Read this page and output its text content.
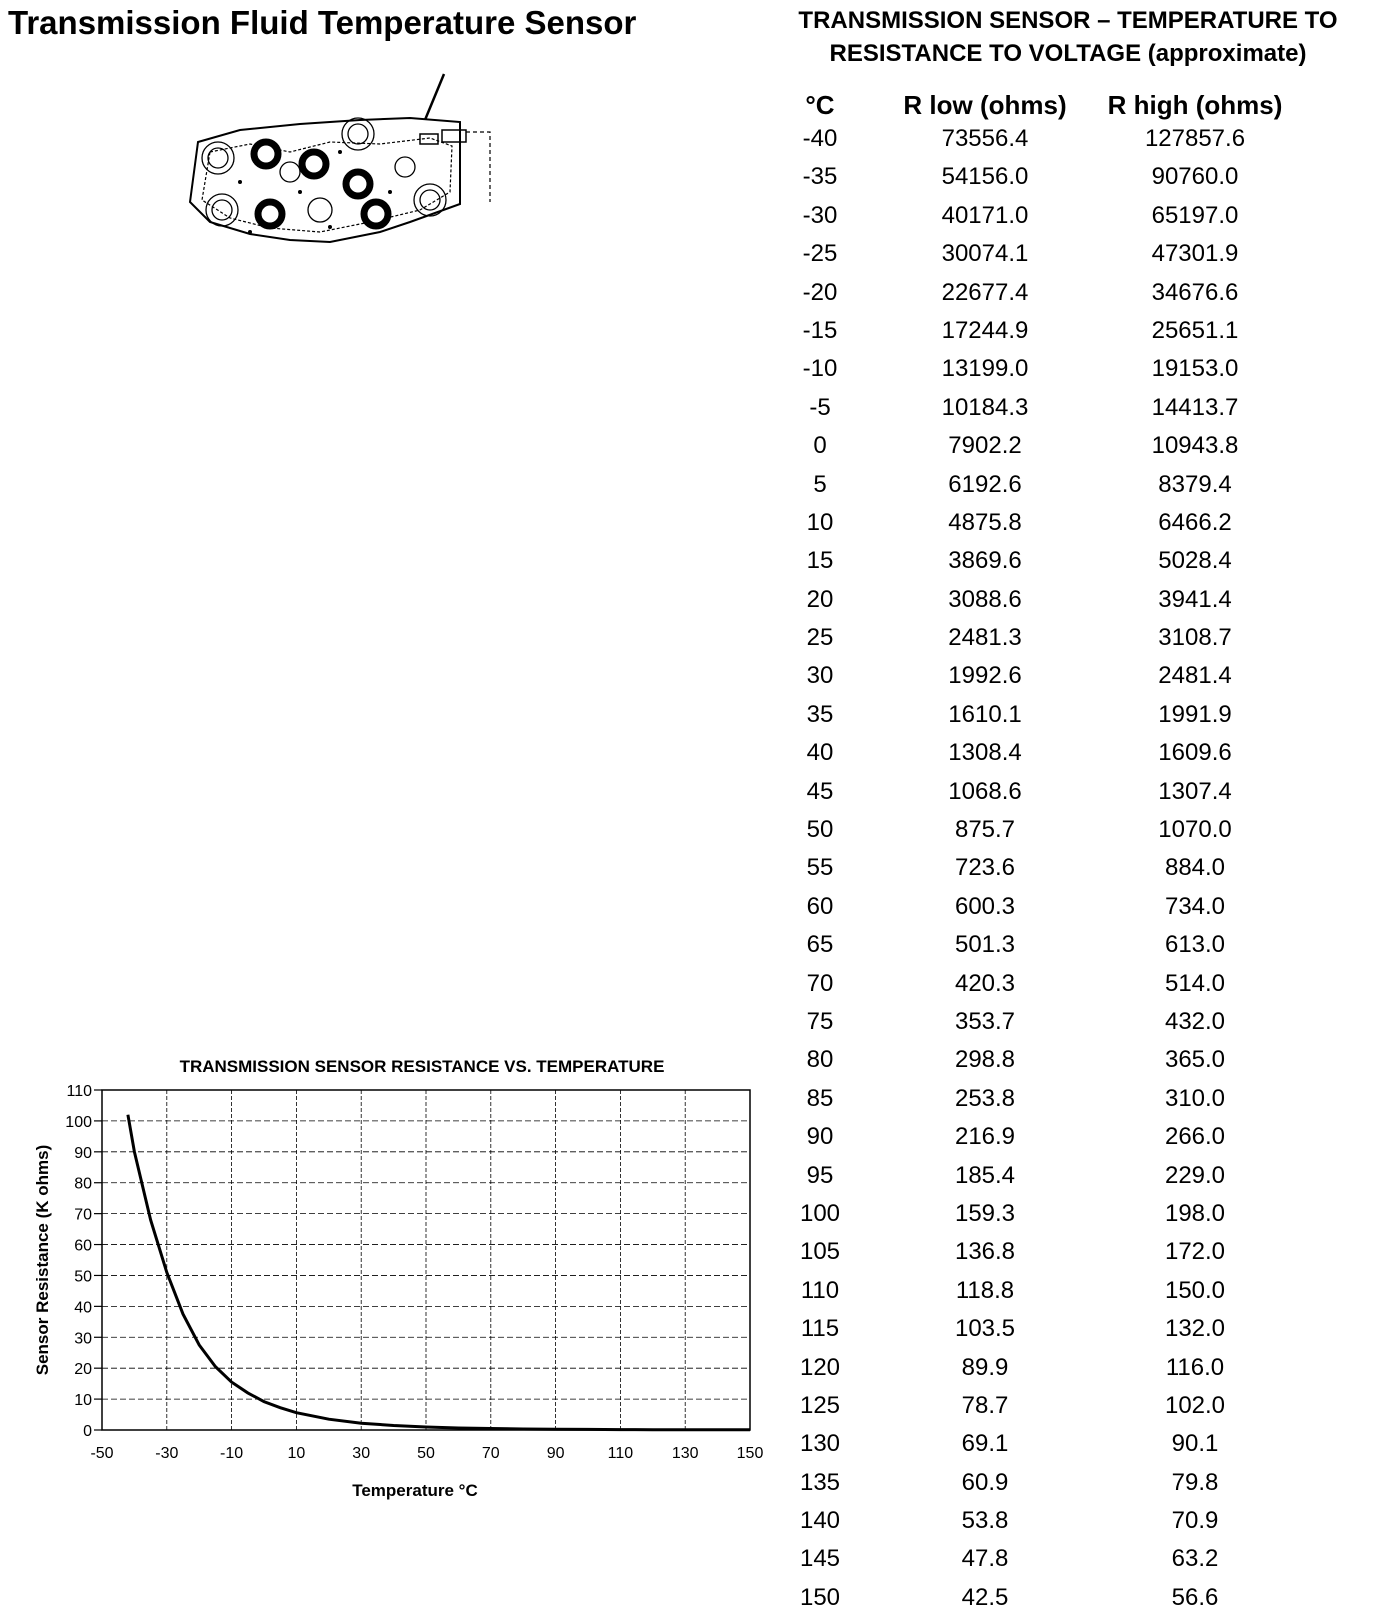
Transmission Fluid Temperature Sensor	TRANSMISSION SENSOR – TEMPERATURE TO RESISTANCE TO VOLTAGE (approximate)
°C	R low (ohms)	R high (ohms)
-40	73556.4	127857.6
-35	54156.0	90760.0
-30	40171.0	65197.0
-25	30074.1	47301.9
-20	22677.4	34676.6
-15	17244.9	25651.1
-10	13199.0	19153.0
-5	10184.3	14413.7
0	7902.2	10943.8
5	6192.6	8379.4
10	4875.8	6466.2
15	3869.6	5028.4
20	3088.6	3941.4
25	2481.3	3108.7
30	1992.6	2481.4
35	1610.1	1991.9
40	1308.4	1609.6
45	1068.6	1307.4
50	875.7	1070.0
55	723.6	884.0
60	600.3	734.0
65	501.3	613.0
70	420.3	514.0
75	353.7	432.0
80	298.8	365.0
85	253.8	310.0
90	216.9	266.0
95	185.4	229.0
100	159.3	198.0
105	136.8	172.0
110	118.8	150.0
115	103.5	132.0
120	89.9	116.0
125	78.7	102.0
130	69.1	90.1
135	60.9	79.8
140	53.8	70.9
145	47.8	63.2
150	42.5	56.6
TRANSMISSION SENSOR RESISTANCE VS. TEMPERATURE
-50	-30	-10	10	30	50	70	90	110 130 150
0
10
20
30
40
50
60
70
80
90
100
110
Temperature °C
Sensor Resistance (K ohms)
